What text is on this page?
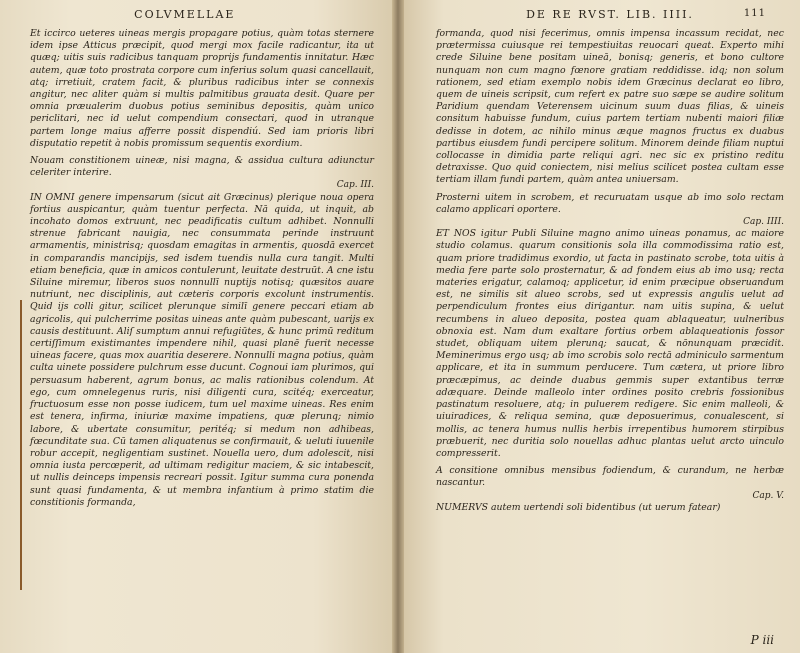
COLVMELLAE

Et iccirco ueteres uineas mergis propagare potius, quàm totas sternere idem ipse Atticus præcipit, quod mergi mox facile radicantur, ita ut quæq; uitis suis radicibus tanquam proprijs fundamentis innitatur. Hæc autem, quæ toto prostrata corpore cum inferius solum quasi cancellauit, atq; irretiuit, cratem facit, & pluribus radicibus inter se connexis angitur, nec aliter quàm si multis palmitibus grauata desit. Quare per omnia præualerim duobus potius seminibus depositis, quàm unico periclitari, nec id uelut compendium consectari, quod in utranque partem longe maius afferre possit dispendiú. Sed iam prioris libri disputatio repetit à nobis promissum sequentis exordium.

Nouam constitionem uineæ, nisi magna, & assidua cultura adiunctur celeriter interire.

Cap. III.

IN OMNI genere impensarum (sicut ait Græcinus) plerique noua opera fortius auspicantur, quàm tuentur perfecta. Nā quida, ut inquit, ab incohato domos extruunt, nec peadificatis cultum adhibet. Nonnulli strenue fabricant nauigia, nec consummata perinde instruunt armamentis, ministrisq; quosdam emagitas in armentis, quosdā exercet in comparandis mancipijs, sed isdem tuendis nulla cura tangit. Multi etiam beneficia, quæ in amicos contulerunt, leuitate destruūt. A cne istu Siluine miremur, liberos suos nonnullī nuptijs notisq; quæsitos auare nutriunt, nec disciplinis, aut cæteris corporis excolunt instrumentis. Quid ijs colli gitur, scilicet plerunque similī genere peccari etiam ab agricolis, qui pulcherrime positas uineas ante quàm pubescant, uarijs ex causis destituunt. Aliſ sumptum annui refugiūtes, & hunc primū reditum certiſſimum existimantes impendere nihil, quasi planē fuerit necesse uineas facere, quas mox auaritia deserere. Nonnulli magna potius, quàm culta uinete possidere pulchrum esse ducunt. Cognoui iam plurimos, qui persuasum haberent, agrum bonus, ac malis rationibus colendum. At ego, cum omnelegenus ruris, nisi diligenti cura, scitéq; exerceatur, fructuosum esse non posse iudicem, tum uel maxime uineas. Res enim est tenera, infirma, iniuriæ maxime impatiens, quæ plerunq; nimio labore, & ubertate consumitur, peritéq; si medum non adhibeas, fœcunditate sua. Cū tamen aliquatenus se confirmauit, & ueluti iuuenile robur accepit, negligentiam sustinet. Nouella uero, dum adolescit, nisi omnia iusta percœperit, ad ultimam redigitur maciem, & sic intabescit, ut nullis deinceps impensis recreari possit. Igitur summa cura ponenda sunt quasi fundamenta, & ut membra infantium à primo statim die constitionis formanda,

DE RE RVST. LIB. IIII.	111

formanda, quod nisi fecerimus, omnis impensa incassum recidat, nec prætermissa cuiusque rei tempestiuitas reuocari queat. Experto mihi crede Siluine bene positam uineā, bonisq; generis, et bono cultore nunquam non cum magno fœnore gratiam reddidisse. idq; non solum rationem, sed etiam exemplo nobis idem Græcinus declarat eo libro, quem de uineis scripsit, cum refert ex patre suo sæpe se audire solitum Paridium quendam Veterensem uicinum suum duas filias, & uineis consitum habuisse fundum, cuius partem tertiam nubenti maiori filiæ dedisse in dotem, ac nihilo minus æque magnos fructus ex duabus partibus eiusdem fundi percipere solitum. Minorem deinde filiam nuptui collocasse in dimidia parte reliqui agri. nec sic ex pristino reditu detraxisse. Quo quid coniectem, nisi melius scilicet postea cultam esse tertiam illam fundi partem, quàm antea uniuersam.

Prosterni uitem in scrobem, et recuruatam usque ab imo solo rectam calamo applicari oportere.

Cap. IIII.

ET NOS igitur Publi Siluine magno animo uineas ponamus, ac maiore studio colamus. quarum consitionis sola illa commodissima ratio est, quam priore tradidimus exordio, ut facta in pastinato scrobe, tota uitis à media fere parte solo prosternatur, & ad fondem eius ab imo usq; recta materies erigatur, calamoq; applicetur, id enim præcipue obseruandum est, ne similis sit alueo scrobs, sed ut expressis angulis uelut ad perpendiculum frontes eius dirigantur. nam uitis supina, & uelut recumbens in alueo deposita, postea quam ablaqueatur, uulneribus obnoxia est. Nam dum exaltare fortius orbem ablaqueationis fossor studet, obliquam uitem plerunq; saucat, & nōnunquam præcidit. Meminerimus ergo usq; ab imo scrobis solo rectā adminiculo sarmentum applicare, et ita in summum perducere. Tum cætera, ut priore libro præcæpimus, ac deinde duabus gemmis super extantibus terræ adæquare. Deinde malleolo inter ordines posito crebris fossionibus pastinatum resoluere, atq; in puluerem redigere. Sic enim malleoli, & uiuiradices, & reliqua semina, quæ deposuerimus, conualescent, si mollis, ac tenera humus nullis herbis irrepentibus humorem stirpibus præbuerit, nec duritia solo nouellas adhuc plantas uelut arcto uinculo compresserit.

A consitione omnibus mensibus fodiendum, & curandum, ne herbæ nascantur.

Cap. V.

NUMERVS autem uertendi soli bidentibus (ut uerum fatear)

P iii
